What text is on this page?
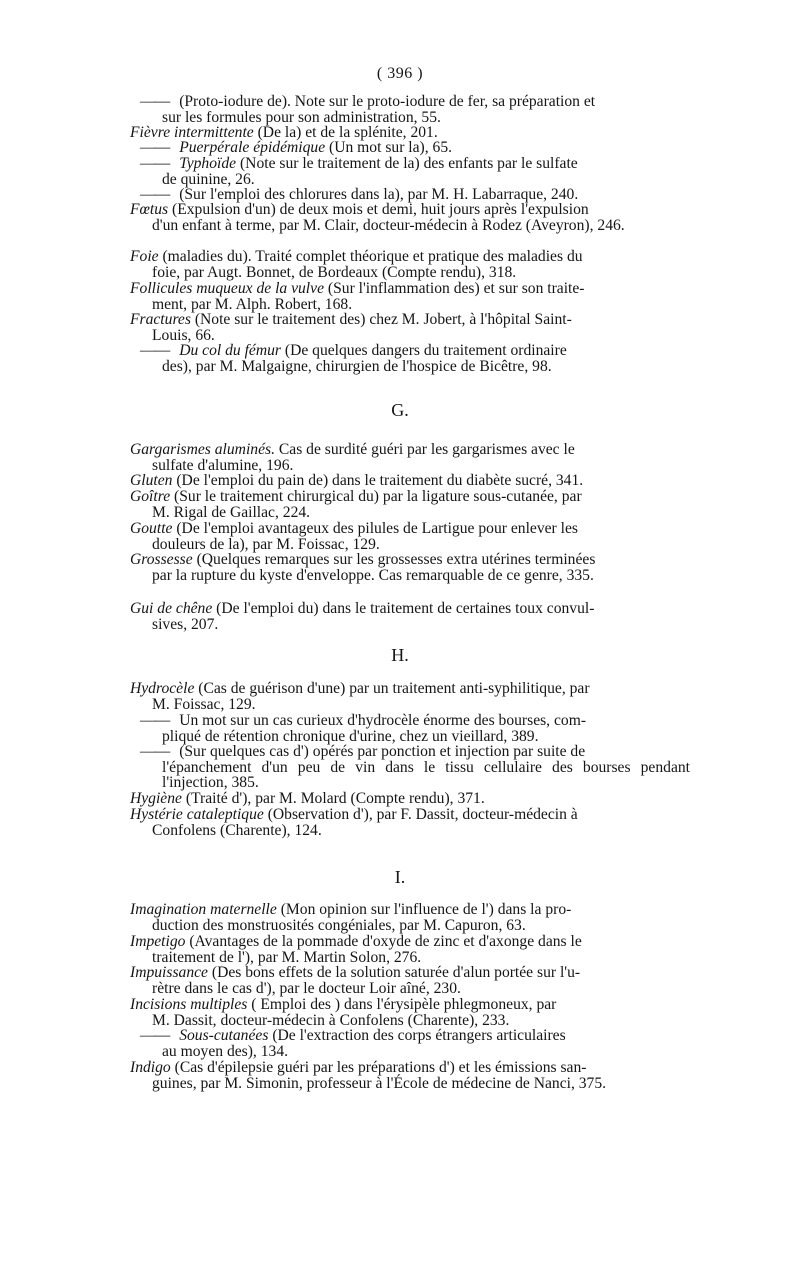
( 396 )
—— (Proto-iodure de). Note sur le proto-iodure de fer, sa préparation et
sur les formules pour son administration, 55.
Fièvre intermittente (De la) et de la splénite, 201.
—— Puerpérale épidémique (Un mot sur la), 65.
—— Typhoïde (Note sur le traitement de la) des enfants par le sulfate
de quinine, 26.
—— (Sur l'emploi des chlorures dans la), par M. H. Labarraque, 240.
Fœtus (Expulsion d'un) de deux mois et demi, huit jours après l'expulsion
d'un enfant à terme, par M. Clair, docteur-médecin à Rodez (Aveyron), 246.
Foie (maladies du). Traité complet théorique et pratique des maladies du
foie, par Augt. Bonnet, de Bordeaux (Compte rendu), 318.
Follicules muqueux de la vulve (Sur l'inflammation des) et sur son traite-
ment, par M. Alph. Robert, 168.
Fractures (Note sur le traitement des) chez M. Jobert, à l'hôpital Saint-
Louis, 66.
—— Du col du fémur (De quelques dangers du traitement ordinaire
des), par M. Malgaigne, chirurgien de l'hospice de Bicêtre, 98.
G.
Gargarismes aluminés. Cas de surdité guéri par les gargarismes avec le
sulfate d'alumine, 196.
Gluten (De l'emploi du pain de) dans le traitement du diabète sucré, 341.
Goître (Sur le traitement chirurgical du) par la ligature sous-cutanée, par
M. Rigal de Gaillac, 224.
Goutte (De l'emploi avantageux des pilules de Lartigue pour enlever les
douleurs de la), par M. Foissac, 129.
Grossesse (Quelques remarques sur les grossesses extra utérines terminées
par la rupture du kyste d'enveloppe. Cas remarquable de ce genre, 335.
Gui de chêne (De l'emploi du) dans le traitement de certaines toux convul-
sives, 207.
H.
Hydrocèle (Cas de guérison d'une) par un traitement anti-syphilitique, par
M. Foissac, 129.
—— Un mot sur un cas curieux d'hydrocèle énorme des bourses, com-
pliqué de rétention chronique d'urine, chez un vieillard, 389.
—— (Sur quelques cas d') opérés par ponction et injection par suite de
l'épanchement d'un peu de vin dans le tissu cellulaire des bourses pendant l'injection, 385.
Hygiène (Traité d'), par M. Molard (Compte rendu), 371.
Hystérie cataleptique (Observation d'), par F. Dassit, docteur-médecin à
Confolens (Charente), 124.
I.
Imagination maternelle (Mon opinion sur l'influence de l') dans la pro-
duction des monstruosités congéniales, par M. Capuron, 63.
Impetigo (Avantages de la pommade d'oxyde de zinc et d'axonge dans le
traitement de l'), par M. Martin Solon, 276.
Impuissance (Des bons effets de la solution saturée d'alun portée sur l'u-
rètre dans le cas d'), par le docteur Loir aîné, 230.
Incisions multiples ( Emploi des ) dans l'érysipèle phlegmoneux, par
M. Dassit, docteur-médecin à Confolens (Charente), 233.
—— Sous-cutanées (De l'extraction des corps étrangers articulaires
au moyen des), 134.
Indigo (Cas d'épilepsie guéri par les préparations d') et les émissions san-
guines, par M. Simonin, professeur à l'École de médecine de Nanci, 375.
